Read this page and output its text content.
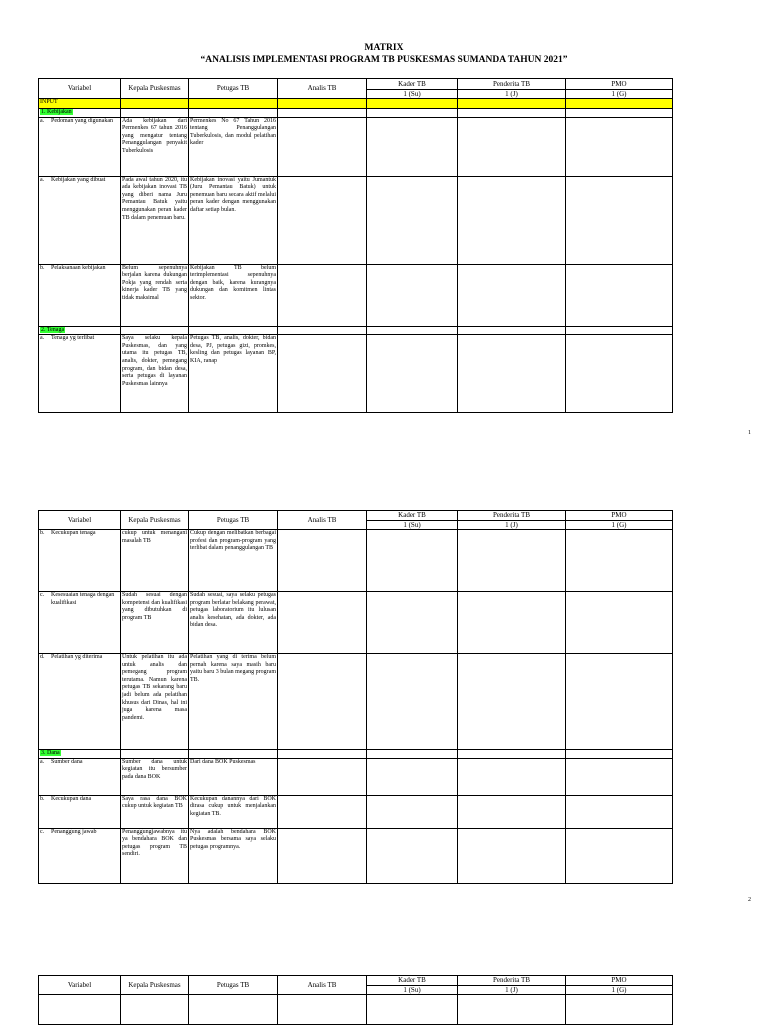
MATRIX
“ANALISIS IMPLEMENTASI PROGRAM TB PUSKESMAS SUMANDA TAHUN 2021”
Variabel	Kepala Puskesmas	Petugas TB	Analis TB	Kader TB	Penderita TB	PMO
				1 (Su)	1 (J)	1 (G)
INPUT						
1. Kebijakan						

a. Pedoman yang digunakan	Ada kebijakan dari Permenkes 67 tahun 2016 yang mengatur tentang Penanggulangan penyakit Tuberkulosis	Permenkes No 67 Tahun 2016 tentang Penanggulangan Tuberkulosis, dan modul pelatihan kader				

a. Kebijakan yang dibuat	Pada awal tahun 2020, itu ada kebijakan inovasi TB yang diberi nama Juru Pemantau Batuk yaitu menggunakan peran kader TB dalam penemuan baru.	Kebijakan inovasi yaitu Jumantuk (Juru Pemantau Batuk) untuk penemuan baru secara aktif melalui peran kader dengan menggunakan daftar setiap bulan.				

b. Pelaksanaan kebijakan	Belum sepenuhnya berjalan karena dukungan Pokja yang rendah serta kinerja kader TB yang tidak maksimal	Kebijakan TB belum terimplementasi sepenuhnya dengan baik, karena kurangnya dukungan dan komitmen lintas sektor.				
2. Tenaga						

a. Tenaga yg terlibat	Saya selaku kepala Puskesmas, dan yang utama itu petugas TB, analis, dokter, pemegang program, dan bidan desa, serta petugas di layanan Puskesmas lainnya	Petugas TB, analis, dokter, bidan desa, PJ, petugas gizi, promkes, kesling dan petugas layanan BP, KIA, ranap				
1
Variabel	Kepala Puskesmas	Petugas TB	Analis TB	Kader TB	Penderita TB	PMO
				1 (Su)	1 (J)	1 (G)

b. Kecukupan tenaga	cukup untuk menangani masalah TB	Cukup dengan melibatkan berbagai profesi dan program-program yang terlibat dalam penanggulangan TB				

c. Kesesuaian tenaga dengan kualifikasi	Sudah sesuai dengan kompetensi dan kualifikasi yang dibutuhkan di program TB	Sudah sesuai, saya selaku petugas program berlatar belakang perawat, petugas laboratorium itu lulusan analis kesehatan, ada dokter, ada bidan desa.				

d. Pelatihan yg diterima	Untuk pelatihan itu ada untuk analis dan pemegang program terutama. Namun karena petugas TB sekarang baru jadi belum ada pelatihan khusus dari Dinas, hal ini juga karena masa pandemi.	Pelatihan yang di terima belum pernah karena saya masih baru yaitu baru 3 bulan megang program TB.				
3. Dana						

a. Sumber dana	Sumber dana untuk kegiatan itu bersumber pada dana BOK	Dari dana BOK Puskesmas				

b. Kecukupan dana	Saya rasa dana BOK cukup untuk kegiatan TB	Kecukupan danannya dari BOK dirasa cukup untuk menjalankan kegiatan TB.				

c. Penanggung jawab	Penanggungjawabnya itu ya bendahara BOK dan petugas program TB sendiri.	Nya adalah bendahara BOK Puskesmas bersama saya selaku petugas programnya.				
2
Variabel	Kepala Puskesmas	Petugas TB	Analis TB	Kader TB	Penderita TB	PMO
				1 (Su)	1 (J)	1 (G)
